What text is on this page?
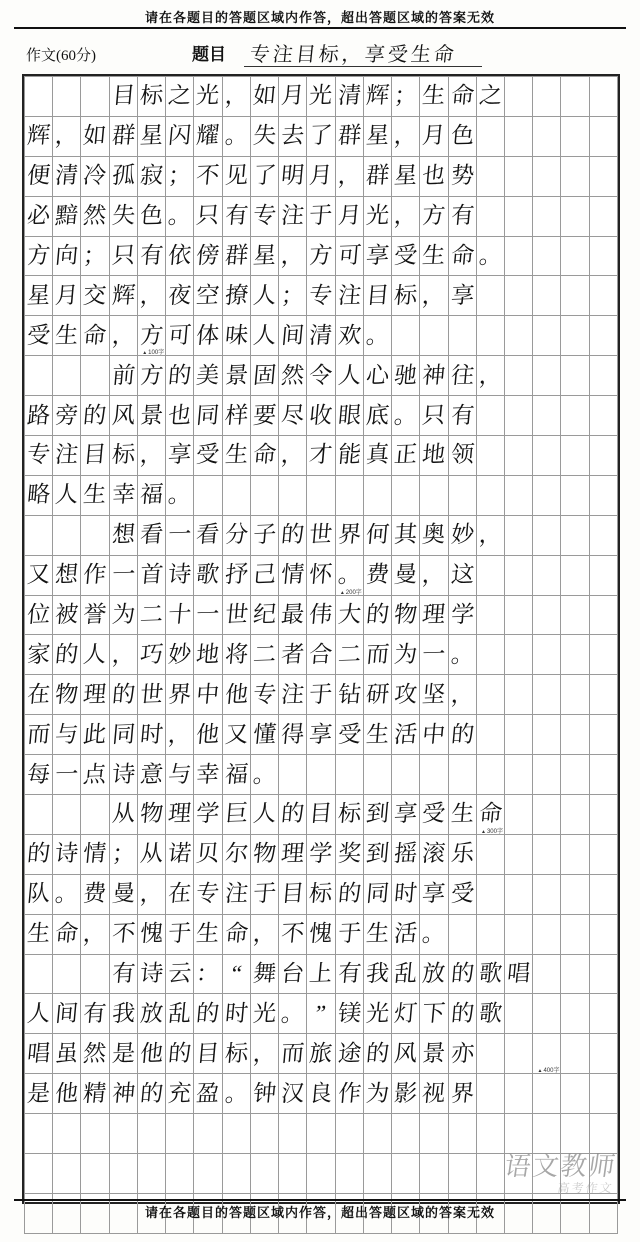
请在各题目的答题区域内作答，超出答题区域的答案无效
作文(60分)	题目 专注目标，享受生命

			目	标	之	光	，	如	月	光	清	辉	；	生	命	之				

辉	，	如	群	星	闪	耀	。	失	去	了	群	星	，	月	色					

便	清	冷	孤	寂	；	不	见	了	明	月	，	群	星	也	势					

必	黯	然	失	色	。	只	有	专	注	于	月	光	，	方	有					

方	向	；	只	有	依	傍	群	星	，	方	可	享	受	生	命	。				

星	月	交	辉	，	夜	空	撩	人	；	专	注	目	标	，	享					

受	生	命	，	方
▲ 100字	可	体	味	人	间	清	欢	。								

			前	方	的	美	景	固	然	令	人	心	驰	神	往	，				

路	旁	的	风	景	也	同	样	要	尽	收	眼	底	。	只	有					

专	注	目	标	，	享	受	生	命	，	才	能	真	正	地	领					

略	人	生	幸	福	。															

			想	看	一	看	分	子	的	世	界	何	其	奥	妙	，				

又	想	作	一	首	诗	歌	抒	己	情	怀	。
▲ 200字	费	曼	，	这					

位	被	誉	为	二	十	一	世	纪	最	伟	大	的	物	理	学					

家	的	人	，	巧	妙	地	将	二	者	合	二	而	为	一	。					

在	物	理	的	世	界	中	他	专	注	于	钻	研	攻	坚	，					

而	与	此	同	时	，	他	又	懂	得	享	受	生	活	中	的					

每	一	点	诗	意	与	幸	福	。												

			从	物	理	学	巨	人	的	目	标	到	享	受	生	命
▲ 300字

的	诗	情	；	从	诺	贝	尔	物	理	学	奖	到	摇	滚	乐					

队	。	费	曼	，	在	专	注	于	目	标	的	同	时	享	受					

生	命	，	不	愧	于	生	命	，	不	愧	于	生	活	。						

			有	诗	云	：	“	舞	台	上	有	我	乱	放	的	歌	唱			

人	间	有	我	放	乱	的	时	光	。	”	镁	光	灯	下	的	歌				

唱	虽	然	是	他	的	目	标	，	而	旅	途	的	风	景	亦			▲ 400字

是	他	精	神	的	充	盈	。	钟	汉	良	作	为	影	视	界					

语文教师
高考作文
请在各题目的答题区域内作答，超出答题区域的答案无效
